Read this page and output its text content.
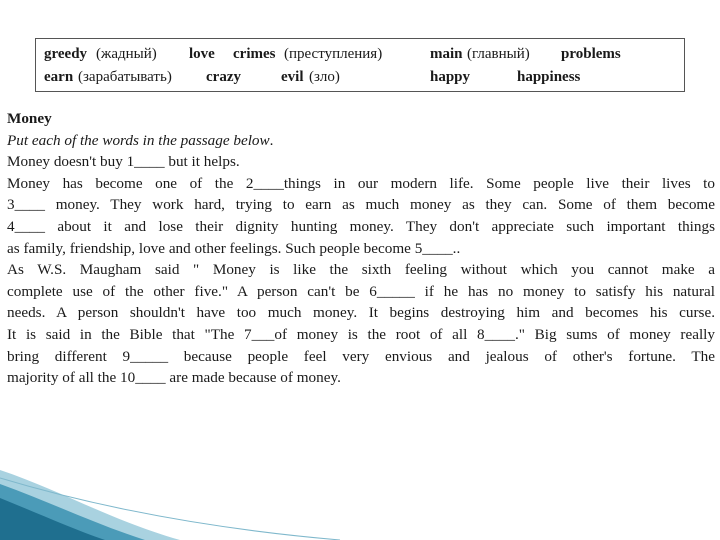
greedy (жадный) love crimes (преступления)	main (главный) problems
earn (зарабатывать) crazy	evil (зло)	happy	happiness
Money
Put each of the words in the passage below.
Money doesn't buy 1____ but it helps.
Money has become one of the 2____things in our modern life. Some people live their lives to
3____ money. They work hard, trying to earn as much money as they can. Some of them become
4____ about it and lose their dignity hunting money. They don't appreciate such important things
as family, friendship, love and other feelings. Such people become 5____..
As W.S. Maugham said " Money is like the sixth feeling without which you cannot make a
complete use of the other five." A person can't be 6_____ if he has no money to satisfy his natural
needs. A person shouldn't have too much money. It begins destroying him and becomes his curse.
It is said in the Bible that "The 7___of money is the root of all 8____." Big sums of money really
bring different 9_____ because people feel very envious and jealous of other's fortune. The
majority of all the 10____ are made because of money.
